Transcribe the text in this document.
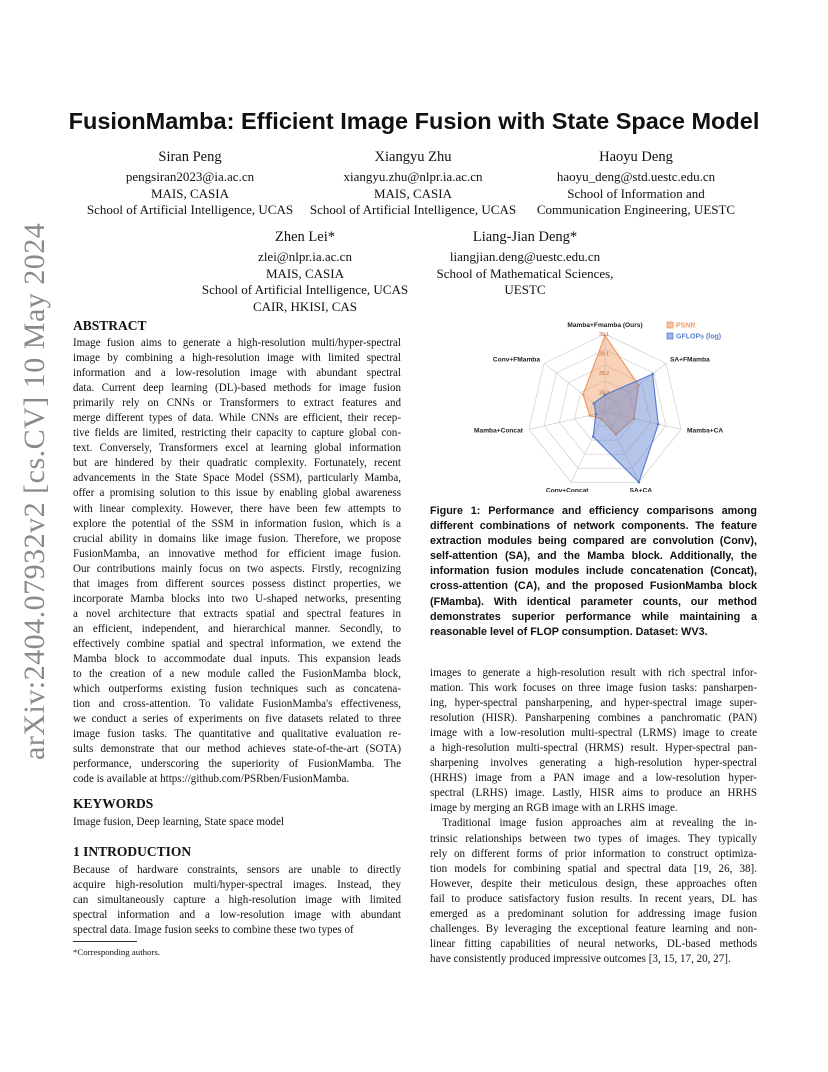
arXiv:2404.07932v2 [cs.CV] 10 May 2024
FusionMamba: Efficient Image Fusion with State Space Model
Siran Peng
pengsiran2023@ia.ac.cn
MAIS, CASIA
School of Artificial Intelligence, UCAS
Xiangyu Zhu
xiangyu.zhu@nlpr.ia.ac.cn
MAIS, CASIA
School of Artificial Intelligence, UCAS
Haoyu Deng
haoyu_deng@std.uestc.edu.cn
School of Information and
Communication Engineering, UESTC
Zhen Lei*
zlei@nlpr.ia.ac.cn
MAIS, CASIA
School of Artificial Intelligence, UCAS
CAIR, HKISI, CAS
Liang-Jian Deng*
liangjian.deng@uestc.edu.cn
School of Mathematical Sciences,
UESTC
ABSTRACT
Image fusion aims to generate a high-resolution multi/hyper-spectral
image by combining a high-resolution image with limited spectral
information and a low-resolution image with abundant spectral
data. Current deep learning (DL)-based methods for image fusion
primarily rely on CNNs or Transformers to extract features and
merge different types of data. While CNNs are efficient, their recep-
tive fields are limited, restricting their capacity to capture global con-
text. Conversely, Transformers excel at learning global information
but are hindered by their quadratic complexity. Fortunately, recent
advancements in the State Space Model (SSM), particularly Mamba,
offer a promising solution to this issue by enabling global awareness
with linear complexity. However, there have been few attempts to
explore the potential of the SSM in information fusion, which is a
crucial ability in domains like image fusion. Therefore, we propose
FusionMamba, an innovative method for efficient image fusion.
Our contributions mainly focus on two aspects. Firstly, recognizing
that images from different sources possess distinct properties, we
incorporate Mamba blocks into two U-shaped networks, presenting
a novel architecture that extracts spatial and spectral features in
an efficient, independent, and hierarchical manner. Secondly, to
effectively combine spatial and spectral information, we extend the
Mamba block to accommodate dual inputs. This expansion leads
to the creation of a new module called the FusionMamba block,
which outperforms existing fusion techniques such as concatena-
tion and cross-attention. To validate FusionMamba's effectiveness,
we conduct a series of experiments on five datasets related to three
image fusion tasks. The quantitative and qualitative evaluation re-
sults demonstrate that our method achieves state-of-the-art (SOTA)
performance, underscoring the superiority of FusionMamba. The
code is available at https://github.com/PSRben/FusionMamba.
KEYWORDS
Image fusion, Deep learning, State space model
1 INTRODUCTION
Because of hardware constraints, sensors are unable to directly
acquire high-resolution multi/hyper-spectral images. Instead, they
can simultaneously capture a high-resolution image with limited
spectral information and a low-resolution image with abundant
spectral data. Image fusion seeks to combine these two types of
*Corresponding authors.
39.1
39.1
39.2
39.3
Mamba+Fmamba (Ours)
SA+FMamba
Mamba+CA
SA+CA
Conv+Concat
Mamba+Concat
Conv+FMamba
PSNR
GFLOPs (log)
Figure 1: Performance and efficiency comparisons among
different combinations of network components. The feature
extraction modules being compared are convolution (Conv),
self-attention (SA), and the Mamba block. Additionally, the
information fusion modules include concatenation (Concat),
cross-attention (CA), and the proposed FusionMamba block
(FMamba). With identical parameter counts, our method
demonstrates superior performance while maintaining a
reasonable level of FLOP consumption. Dataset: WV3.
images to generate a high-resolution result with rich spectral infor-
mation. This work focuses on three image fusion tasks: pansharpen-
ing, hyper-spectral pansharpening, and hyper-spectral image super-
resolution (HISR). Pansharpening combines a panchromatic (PAN)
image with a low-resolution multi-spectral (LRMS) image to create
a high-resolution multi-spectral (HRMS) result. Hyper-spectral pan-
sharpening involves generating a high-resolution hyper-spectral
(HRHS) image from a PAN image and a low-resolution hyper-
spectral (LRHS) image. Lastly, HISR aims to produce an HRHS
image by merging an RGB image with an LRHS image.
Traditional image fusion approaches aim at revealing the in-
trinsic relationships between two types of images. They typically
rely on different forms of prior information to construct optimiza-
tion models for combining spatial and spectral data [19, 26, 38].
However, despite their meticulous design, these approaches often
fail to produce satisfactory fusion results. In recent years, DL has
emerged as a predominant solution for addressing image fusion
challenges. By leveraging the exceptional feature learning and non-
linear fitting capabilities of neural networks, DL-based methods
have consistently produced impressive outcomes [3, 15, 17, 20, 27].
